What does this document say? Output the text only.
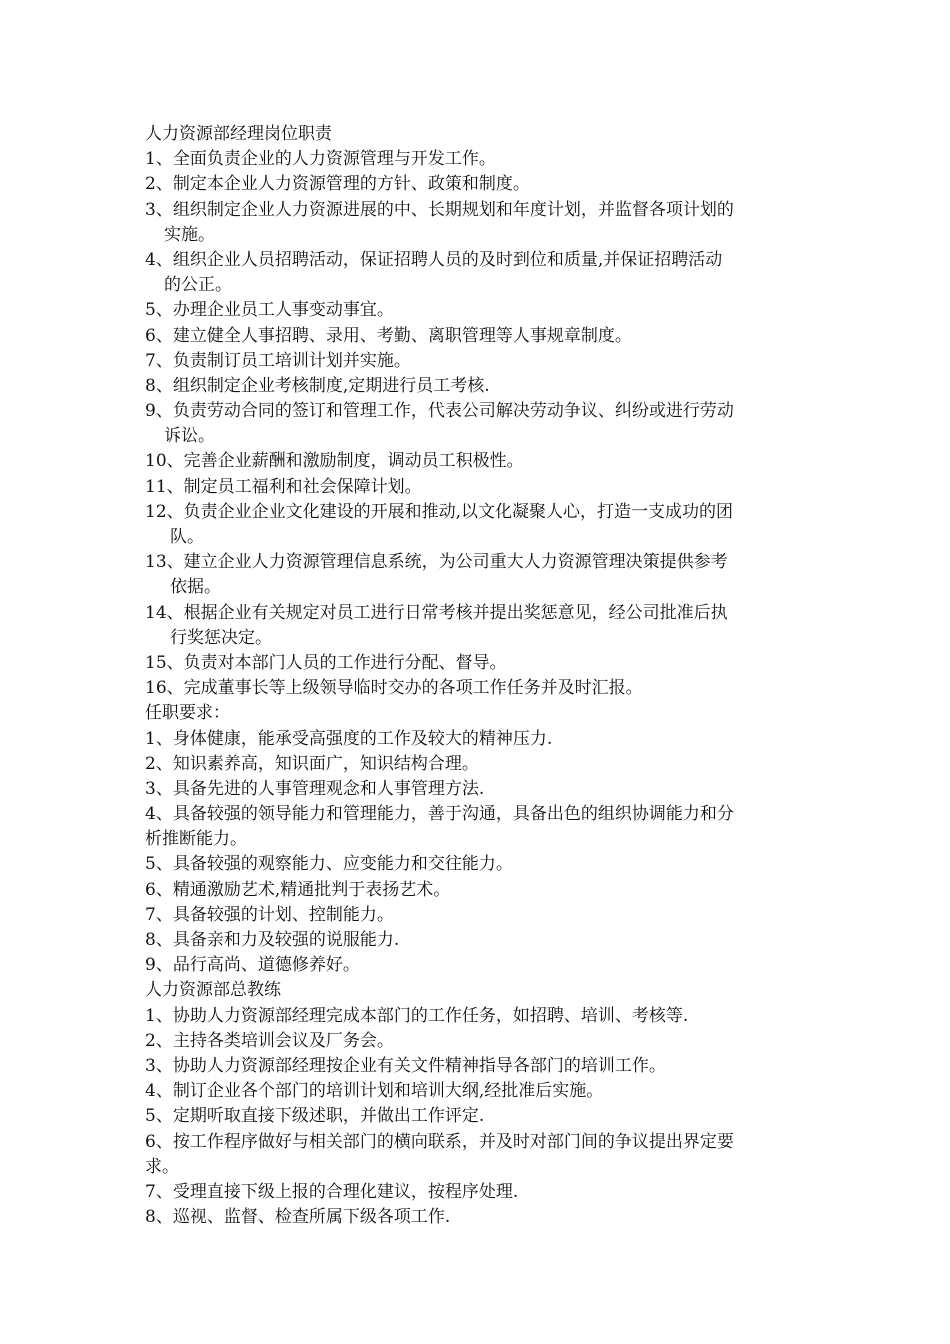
人力资源部经理岗位职责
1、全面负责企业的人力资源管理与开发工作。
2、制定本企业人力资源管理的方针、政策和制度。
3、组织制定企业人力资源进展的中、长期规划和年度计划，并监督各项计划的
实施。
4、组织企业人员招聘活动，保证招聘人员的及时到位和质量,并保证招聘活动
的公正。
5、办理企业员工人事变动事宜。
6、建立健全人事招聘、录用、考勤、离职管理等人事规章制度。
7、负责制订员工培训计划并实施。
8、组织制定企业考核制度,定期进行员工考核.
9、负责劳动合同的签订和管理工作，代表公司解决劳动争议、纠纷或进行劳动
诉讼。
10、完善企业薪酬和激励制度，调动员工积极性。
11、制定员工福利和社会保障计划。
12、负责企业企业文化建设的开展和推动,以文化凝聚人心，打造一支成功的团
队。
13、建立企业人力资源管理信息系统，为公司重大人力资源管理决策提供参考
依据。
14、根据企业有关规定对员工进行日常考核并提出奖惩意见，经公司批准后执
行奖惩决定。
15、负责对本部门人员的工作进行分配、督导。
16、完成董事长等上级领导临时交办的各项工作任务并及时汇报。
任职要求：
1、身体健康，能承受高强度的工作及较大的精神压力.
2、知识素养高，知识面广，知识结构合理。
3、具备先进的人事管理观念和人事管理方法.
4、具备较强的领导能力和管理能力，善于沟通，具备出色的组织协调能力和分
析推断能力。
5、具备较强的观察能力、应变能力和交往能力。
6、精通激励艺术,精通批判于表扬艺术。
7、具备较强的计划、控制能力。
8、具备亲和力及较强的说服能力.
9、品行高尚、道德修养好。
人力资源部总教练
1、协助人力资源部经理完成本部门的工作任务，如招聘、培训、考核等.
2、主持各类培训会议及厂务会。
3、协助人力资源部经理按企业有关文件精神指导各部门的培训工作。
4、制订企业各个部门的培训计划和培训大纲,经批准后实施。
5、定期听取直接下级述职，并做出工作评定.
6、按工作程序做好与相关部门的横向联系，并及时对部门间的争议提出界定要
求。
7、受理直接下级上报的合理化建议，按程序处理.
8、巡视、监督、检查所属下级各项工作.
